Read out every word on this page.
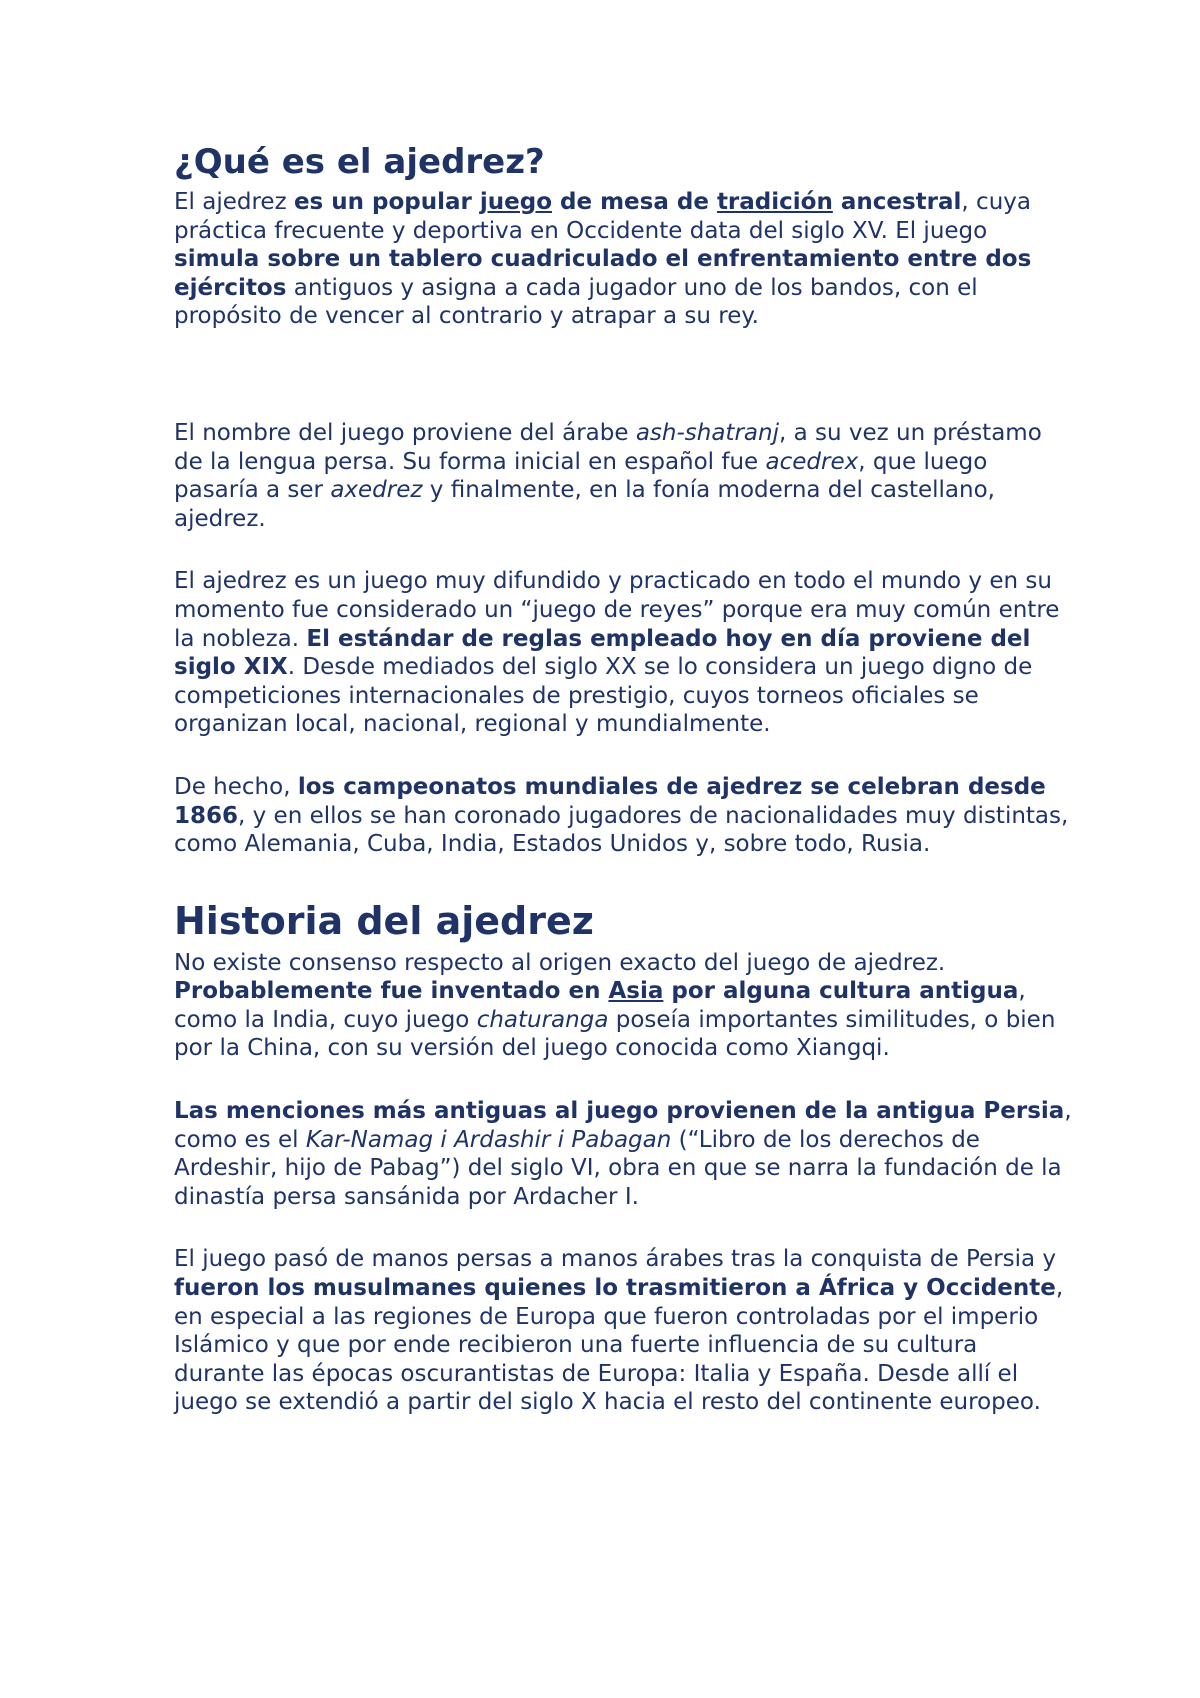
¿Qué es el ajedrez?

El ajedrez es un popular juego de mesa de tradición ancestral, cuya práctica frecuente y deportiva en Occidente data del siglo XV. El juego simula sobre un tablero cuadriculado el enfrentamiento entre dos ejércitos antiguos y asigna a cada jugador uno de los bandos, con el propósito de vencer al contrario y atrapar a su rey.

El nombre del juego proviene del árabe ash-shatranj, a su vez un préstamo de la lengua persa. Su forma inicial en español fue acedrex, que luego pasaría a ser axedrez y finalmente, en la fonía moderna del castellano, ajedrez.

El ajedrez es un juego muy difundido y practicado en todo el mundo y en su momento fue considerado un “juego de reyes” porque era muy común entre la nobleza. El estándar de reglas empleado hoy en día proviene del siglo XIX. Desde mediados del siglo XX se lo considera un juego digno de competiciones internacionales de prestigio, cuyos torneos oficiales se organizan local, nacional, regional y mundialmente.

De hecho, los campeonatos mundiales de ajedrez se celebran desde 1866, y en ellos se han coronado jugadores de nacionalidades muy distintas, como Alemania, Cuba, India, Estados Unidos y, sobre todo, Rusia.

Historia del ajedrez

No existe consenso respecto al origen exacto del juego de ajedrez. Probablemente fue inventado en Asia por alguna cultura antigua, como la India, cuyo juego chaturanga poseía importantes similitudes, o bien por la China, con su versión del juego conocida como Xiangqi.

Las menciones más antiguas al juego provienen de la antigua Persia, como es el Kar-Namag i Ardashir i Pabagan (“Libro de los derechos de Ardeshir, hijo de Pabag”) del siglo VI, obra en que se narra la fundación de la dinastía persa sansánida por Ardacher I.

El juego pasó de manos persas a manos árabes tras la conquista de Persia y fueron los musulmanes quienes lo trasmitieron a África y Occidente, en especial a las regiones de Europa que fueron controladas por el imperio Islámico y que por ende recibieron una fuerte influencia de su cultura durante las épocas oscurantistas de Europa: Italia y España. Desde allí el juego se extendió a partir del siglo X hacia el resto del continente europeo.
